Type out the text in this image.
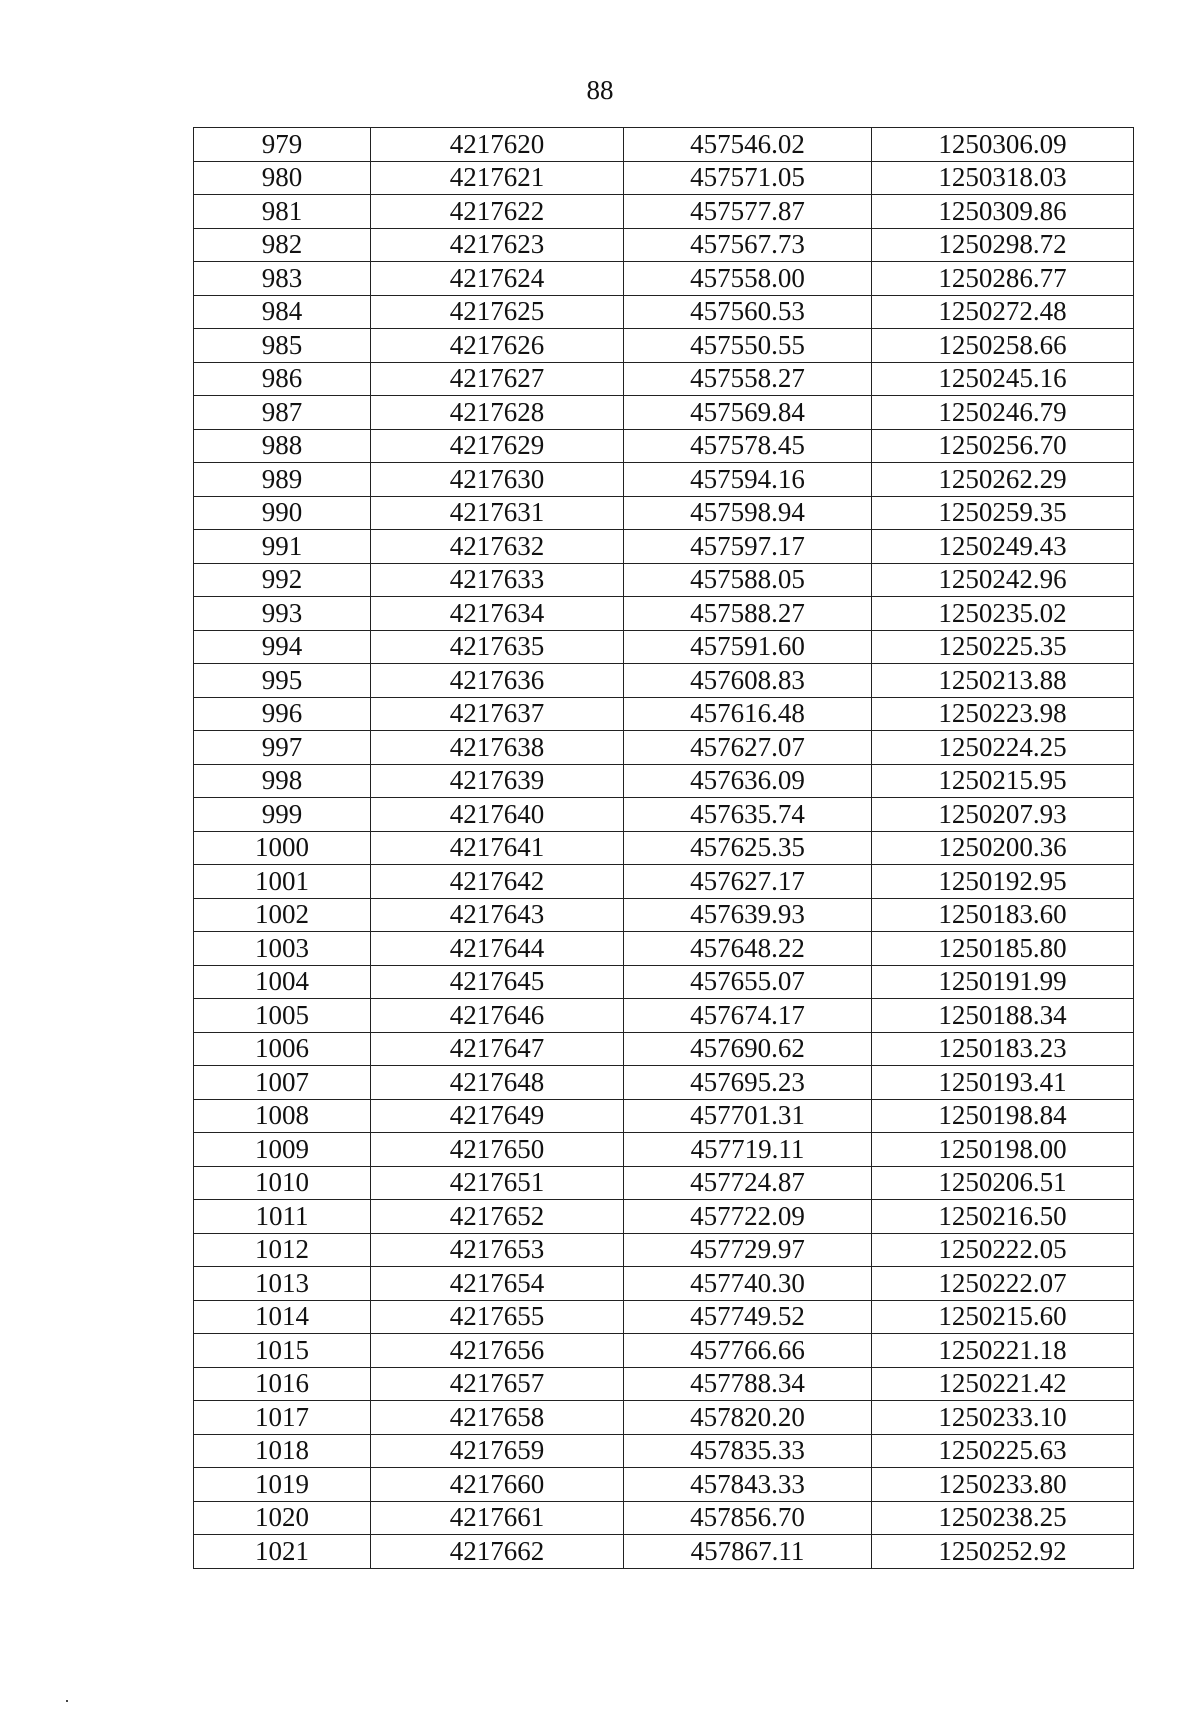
88
979	4217620	457546.02	1250306.09
980	4217621	457571.05	1250318.03
981	4217622	457577.87	1250309.86
982	4217623	457567.73	1250298.72
983	4217624	457558.00	1250286.77
984	4217625	457560.53	1250272.48
985	4217626	457550.55	1250258.66
986	4217627	457558.27	1250245.16
987	4217628	457569.84	1250246.79
988	4217629	457578.45	1250256.70
989	4217630	457594.16	1250262.29
990	4217631	457598.94	1250259.35
991	4217632	457597.17	1250249.43
992	4217633	457588.05	1250242.96
993	4217634	457588.27	1250235.02
994	4217635	457591.60	1250225.35
995	4217636	457608.83	1250213.88
996	4217637	457616.48	1250223.98
997	4217638	457627.07	1250224.25
998	4217639	457636.09	1250215.95
999	4217640	457635.74	1250207.93
1000	4217641	457625.35	1250200.36
1001	4217642	457627.17	1250192.95
1002	4217643	457639.93	1250183.60
1003	4217644	457648.22	1250185.80
1004	4217645	457655.07	1250191.99
1005	4217646	457674.17	1250188.34
1006	4217647	457690.62	1250183.23
1007	4217648	457695.23	1250193.41
1008	4217649	457701.31	1250198.84
1009	4217650	457719.11	1250198.00
1010	4217651	457724.87	1250206.51
1011	4217652	457722.09	1250216.50
1012	4217653	457729.97	1250222.05
1013	4217654	457740.30	1250222.07
1014	4217655	457749.52	1250215.60
1015	4217656	457766.66	1250221.18
1016	4217657	457788.34	1250221.42
1017	4217658	457820.20	1250233.10
1018	4217659	457835.33	1250225.63
1019	4217660	457843.33	1250233.80
1020	4217661	457856.70	1250238.25
1021	4217662	457867.11	1250252.92
